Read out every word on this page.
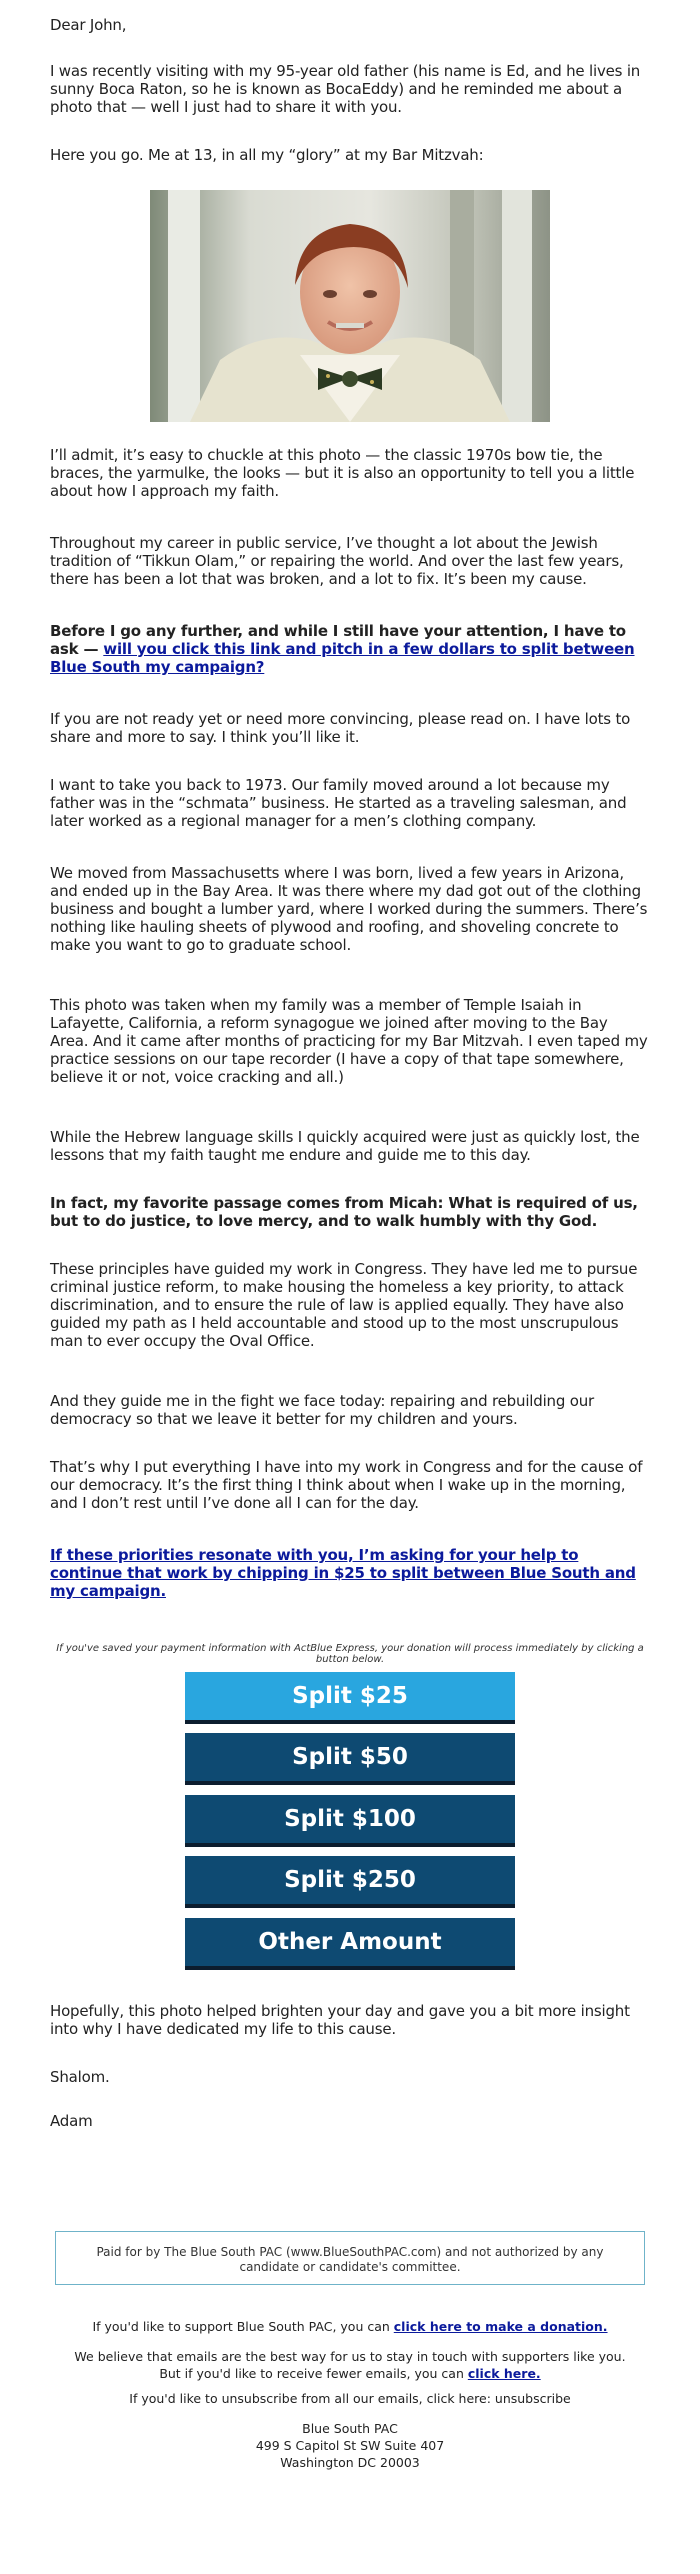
Dear John,

I was recently visiting with my 95-year old father (his name is Ed, and he lives in sunny Boca Raton, so he is known as BocaEddy) and he reminded me about a photo that — well I just had to share it with you.

Here you go. Me at 13, in all my “glory” at my Bar Mitzvah:

I’ll admit, it’s easy to chuckle at this photo — the classic 1970s bow tie, the braces, the yarmulke, the looks — but it is also an opportunity to tell you a little about how I approach my faith.

Throughout my career in public service, I’ve thought a lot about the Jewish tradition of “Tikkun Olam,” or repairing the world. And over the last few years, there has been a lot that was broken, and a lot to fix. It’s been my cause.

Before I go any further, and while I still have your attention, I have to ask — will you click this link and pitch in a few dollars to split between Blue South my campaign?

If you are not ready yet or need more convincing, please read on. I have lots to share and more to say. I think you’ll like it.

I want to take you back to 1973. Our family moved around a lot because my father was in the “schmata” business. He started as a traveling salesman, and later worked as a regional manager for a men’s clothing company.

We moved from Massachusetts where I was born, lived a few years in Arizona, and ended up in the Bay Area. It was there where my dad got out of the clothing business and bought a lumber yard, where I worked during the summers. There’s nothing like hauling sheets of plywood and roofing, and shoveling concrete to make you want to go to graduate school.

This photo was taken when my family was a member of Temple Isaiah in Lafayette, California, a reform synagogue we joined after moving to the Bay Area. And it came after months of practicing for my Bar Mitzvah. I even taped my practice sessions on our tape recorder (I have a copy of that tape somewhere, believe it or not, voice cracking and all.)

While the Hebrew language skills I quickly acquired were just as quickly lost, the lessons that my faith taught me endure and guide me to this day.

In fact, my favorite passage comes from Micah: What is required of us, but to do justice, to love mercy, and to walk humbly with thy God.

These principles have guided my work in Congress. They have led me to pursue criminal justice reform, to make housing the homeless a key priority, to attack discrimination, and to ensure the rule of law is applied equally. They have also guided my path as I held accountable and stood up to the most unscrupulous man to ever occupy the Oval Office.

And they guide me in the fight we face today: repairing and rebuilding our democracy so that we leave it better for my children and yours.

That’s why I put everything I have into my work in Congress and for the cause of our democracy. It’s the first thing I think about when I wake up in the morning, and I don’t rest until I’ve done all I can for the day.

If these priorities resonate with you, I’m asking for your help to continue that work by chipping in $25 to split between Blue South and my campaign.

If you've saved your payment information with ActBlue Express, your donation will process immediately by clicking a button below.
Split $25
Split $50
Split $100
Split $250
Other Amount

Hopefully, this photo helped brighten your day and gave you a bit more insight into why I have dedicated my life to this cause.

Shalom.

Adam

Paid for by The Blue South PAC (www.BlueSouthPAC.com) and not authorized by any candidate or candidate's committee.
If you'd like to support Blue South PAC, you can click here to make a donation.
We believe that emails are the best way for us to stay in touch with supporters like you. But if you'd like to receive fewer emails, you can click here.
If you'd like to unsubscribe from all our emails, click here: unsubscribe
Blue South PAC
499 S Capitol St SW Suite 407
Washington DC 20003
